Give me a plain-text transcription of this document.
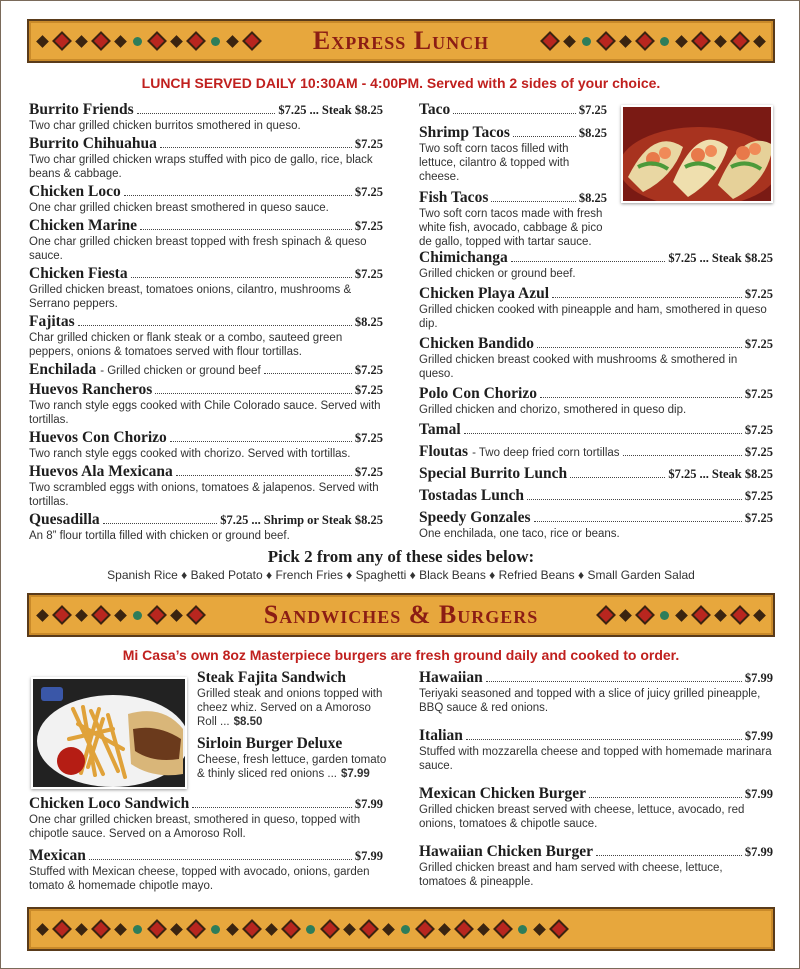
Express Lunch
LUNCH SERVED DAILY 10:30AM - 4:00PM. Served with 2 sides of your choice.
Burrito Friends	$7.25 ... Steak $8.25
Two char grilled chicken burritos smothered in queso.
Burrito Chihuahua	$7.25
Two char grilled chicken wraps stuffed with pico de gallo, rice, black beans & cabbage.
Chicken Loco	$7.25
One char grilled chicken breast smothered in queso sauce.
Chicken Marine	$7.25
One char grilled chicken breast topped with fresh spinach & queso sauce.
Chicken Fiesta	$7.25
Grilled chicken breast, tomatoes onions, cilantro, mushrooms & Serrano peppers.
Fajitas	$8.25
Char grilled chicken or flank steak or a combo, sauteed green peppers, onions & tomatoes served with flour tortillas.
Enchilada - Grilled chicken or ground beef	$7.25
Huevos Rancheros	$7.25
Two ranch style eggs cooked with Chile Colorado sauce. Served with tortillas.
Huevos Con Chorizo	$7.25
Two ranch style eggs cooked with chorizo. Served with tortillas.
Huevos Ala Mexicana	$7.25
Two scrambled eggs with onions, tomatoes & jalapenos. Served with tortillas.
Quesadilla	$7.25 ... Shrimp or Steak $8.25
An 8” flour tortilla filled with chicken or ground beef.
Taco	$7.25
Shrimp Tacos	$8.25
Two soft corn tacos filled with lettuce, cilantro & topped with cheese.
Fish Tacos	$8.25
Two soft corn tacos made with fresh white fish, avocado, cabbage & pico de gallo, topped with tartar sauce.
Chimichanga	$7.25 ... Steak $8.25
Grilled chicken or ground beef.
Chicken Playa Azul	$7.25
Grilled chicken cooked with pineapple and ham, smothered in queso dip.
Chicken Bandido	$7.25
Grilled chicken breast cooked with mushrooms & smothered in queso.
Polo Con Chorizo	$7.25
Grilled chicken and chorizo, smothered in queso dip.
Tamal	$7.25
Floutas - Two deep fried corn tortillas	$7.25
Special Burrito Lunch	$7.25 ... Steak $8.25
Tostadas Lunch	$7.25
Speedy Gonzales	$7.25
One enchilada, one taco, rice or beans.
Pick 2 from any of these sides below:
Spanish Rice ♦ Baked Potato ♦ French Fries ♦ Spaghetti ♦ Black Beans ♦ Refried Beans ♦ Small Garden Salad
Sandwiches & Burgers
Mi Casa’s own 8oz Masterpiece burgers are fresh ground daily and cooked to order.
Steak Fajita Sandwich
Grilled steak and onions topped with cheez whiz. Served on a Amoroso Roll ... $8.50
Sirloin Burger Deluxe
Cheese, fresh lettuce, garden tomato & thinly sliced red onions ... $7.99
Chicken Loco Sandwich	$7.99
One char grilled chicken breast, smothered in queso, topped with chipotle sauce. Served on a Amoroso Roll.
Mexican	$7.99
Stuffed with Mexican cheese, topped with avocado, onions, garden tomato & homemade chipotle mayo.
Hawaiian	$7.99
Teriyaki seasoned and topped with a slice of juicy grilled pineapple, BBQ sauce & red onions.
Italian	$7.99
Stuffed with mozzarella cheese and topped with homemade marinara sauce.
Mexican Chicken Burger	$7.99
Grilled chicken breast served with cheese, lettuce, avocado, red onions, tomatoes & chipotle sauce.
Hawaiian Chicken Burger	$7.99
Grilled chicken breast and ham served with cheese, lettuce, tomatoes & pineapple.
